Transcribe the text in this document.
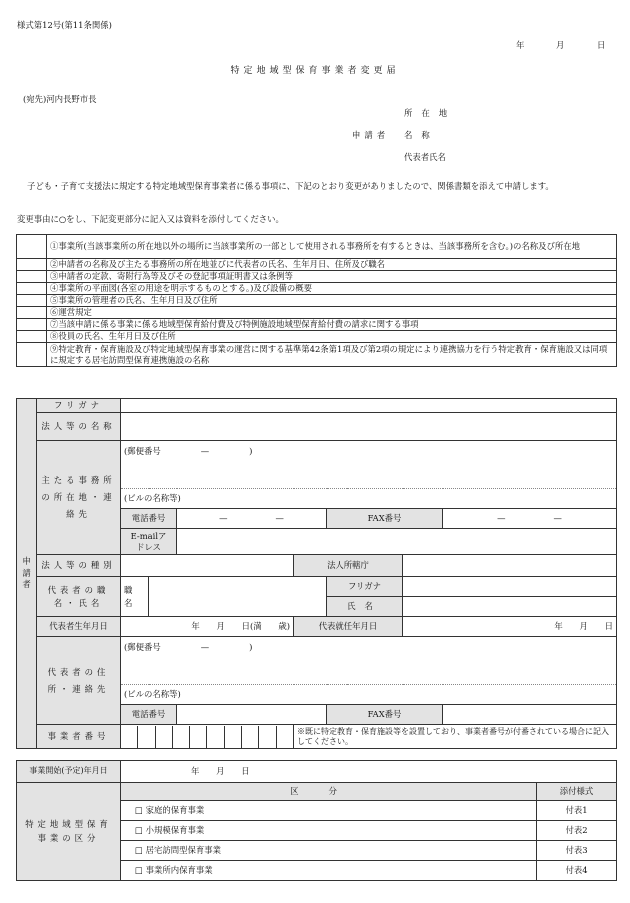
様式第12号(第11条関係)
年	月	日
特定地域型保育事業者変更届
(宛先)河内長野市長
申請者
所在地
名称
代表者氏名
子ども・子育て支援法に規定する特定地域型保育事業者に係る事項に、下記のとおり変更がありましたので、関係書類を添えて申請します。
変更事由に○をし、下記変更部分に記入又は資料を添付してください。
	①事業所(当該事業所の所在地以外の場所に当該事業所の一部として使用される事務所を有するときは、当該事務所を含む。)の名称及び所在地
	②申請者の名称及び主たる事務所の所在地並びに代表者の氏名、生年月日、住所及び職名
	③申請者の定款、寄附行為等及びその登記事項証明書又は条例等
	④事業所の平面図(各室の用途を明示するものとする。)及び設備の概要
	⑤事業所の管理者の氏名、生年月日及び住所
	⑥運営規定
	⑦当該申請に係る事業に係る地域型保育給付費及び特例施設地域型保育給付費の請求に関する事項
	⑧役員の氏名、生年月日及び住所
	⑨特定教育・保育施設及び特定地域型保育事業の運営に関する基準第42条第1項及び第2項の規定により連携協力を行う特定教育・保育施設又は同項に規定する居宅訪問型保育連携施設の名称
申請者	フリガナ							
	法人等の名称							
	主たる事務所の所在地・連絡先	(郵便番号 — )						
		(ビルの名称等)						
		電話番号		— —		FAX番号		— —
		E-mailアドレス						
	法人等の種別				法人所轄庁			
	代表者の職名・氏名	職名				フリガナ		
						氏名		
	代表者生年月日	年　　月　　日(満　　歳)			代表就任年月日		年　　月　　日	
	代表者の住所・連絡先	(郵便番号 — )						
		(ビルの名称等)						
		電話番号				FAX番号		
	事業者番号				※既に特定教育・保育施設等を設置しており、事業者番号が付番されている場合に記入してください。			
事業開始(予定)年月日	年　　月　　日	
特定地域型保育事業の区分	区分	添付様式
	□ 家庭的保育事業	付表1
	□ 小規模保育事業	付表2
	□ 居宅訪問型保育事業	付表3
	□ 事業所内保育事業	付表4
